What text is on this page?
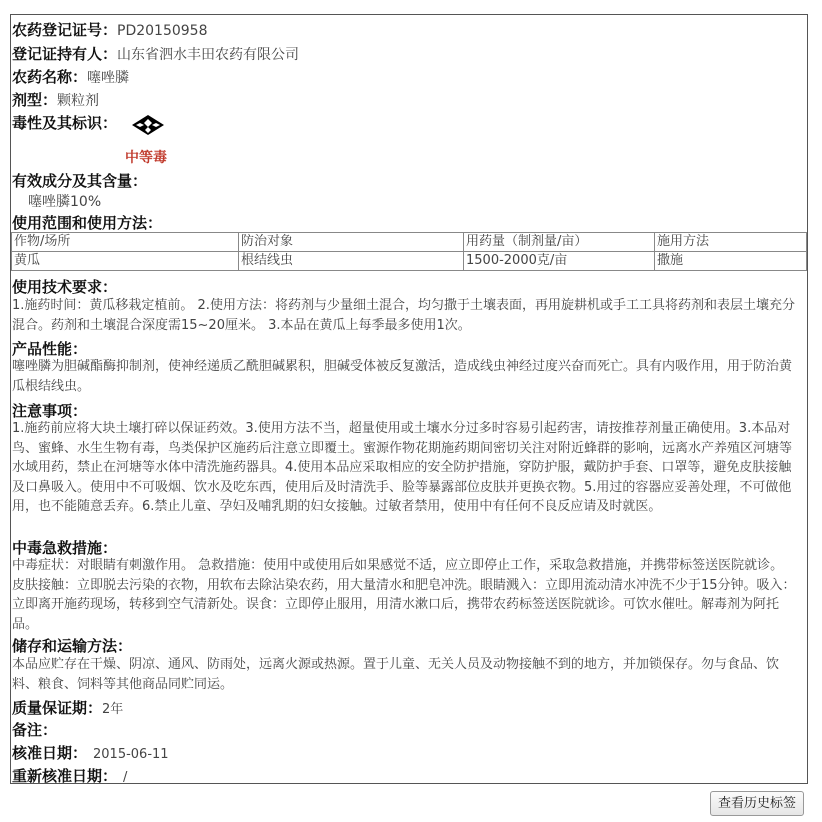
农药登记证号：PD20150958
登记证持有人：山东省泗水丰田农药有限公司
农药名称：噻唑膦
剂型：颗粒剂
毒性及其标识：
中等毒
有效成分及其含量：
噻唑膦10%
使用范围和使用方法：
作物/场所	防治对象	用药量（制剂量/亩）	施用方法
黄瓜	根结线虫	1500-2000克/亩	撒施
使用技术要求：
1.施药时间：黄瓜移栽定植前。 2.使用方法：将药剂与少量细土混合，均匀撒于土壤表面，再用旋耕机或手工工具将药剂和表层土壤充分混合。药剂和土壤混合深度需15~20厘米。 3.本品在黄瓜上每季最多使用1次。
产品性能：
噻唑膦为胆碱酯酶抑制剂，使神经递质乙酰胆碱累积，胆碱受体被反复激活，造成线虫神经过度兴奋而死亡。具有内吸作用，用于防治黄瓜根结线虫。
注意事项：
1.施药前应将大块土壤打碎以保证药效。3.使用方法不当，超量使用或土壤水分过多时容易引起药害，请按推荐剂量正确使用。3.本品对鸟、蜜蜂、水生生物有毒，鸟类保护区施药后注意立即覆土。蜜源作物花期施药期间密切关注对附近蜂群的影响，远离水产养殖区河塘等水域用药，禁止在河塘等水体中清洗施药器具。4.使用本品应采取相应的安全防护措施，穿防护服，戴防护手套、口罩等，避免皮肤接触及口鼻吸入。使用中不可吸烟、饮水及吃东西，使用后及时清洗手、脸等暴露部位皮肤并更换衣物。5.用过的容器应妥善处理，不可做他用，也不能随意丢弃。6.禁止儿童、孕妇及哺乳期的妇女接触。过敏者禁用，使用中有任何不良反应请及时就医。
中毒急救措施：
中毒症状：对眼睛有刺激作用。 急救措施：使用中或使用后如果感觉不适，应立即停止工作，采取急救措施，并携带标签送医院就诊。 皮肤接触：立即脱去污染的衣物，用软布去除沾染农药，用大量清水和肥皂冲洗。眼睛溅入：立即用流动清水冲洗不少于15分钟。吸入：立即离开施药现场，转移到空气清新处。误食：立即停止服用，用清水漱口后，携带农药标签送医院就诊。可饮水催吐。解毒剂为阿托品。
储存和运输方法：
本品应贮存在干燥、阴凉、通风、防雨处，远离火源或热源。置于儿童、无关人员及动物接触不到的地方，并加锁保存。勿与食品、饮料、粮食、饲料等其他商品同贮同运。
质量保证期：2年
备注：
核准日期： 2015-06-11
重新核准日期： /
查看历史标签
